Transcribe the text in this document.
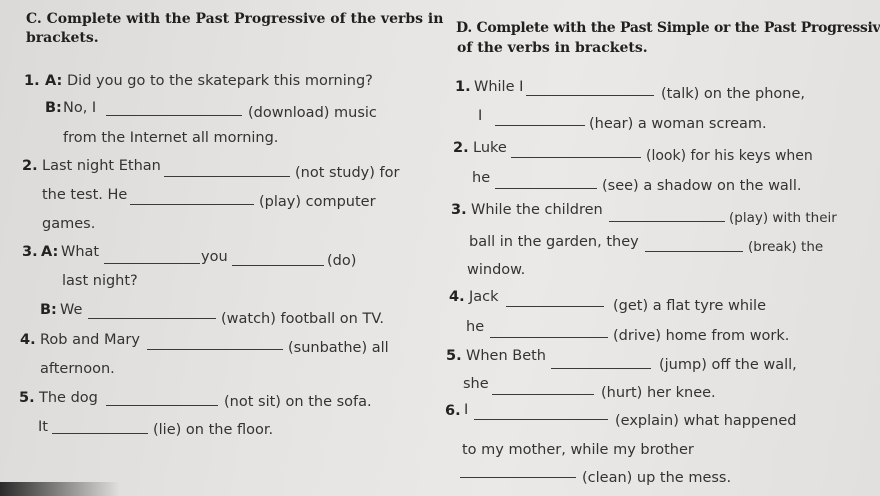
C. Complete with the Past Progressive of the verbs in
brackets.
1. A: Did you go to the skatepark this morning?
B: No, I	(download) music
from the Internet all morning.
2. Last night Ethan	(not study) for
the test. He	(play) computer
games.
3. A: What	you	(do)
last night?
B: We
(watch) football on TV.
4. Rob and Mary	(sunbathe) all
afternoon.
5. The dog	(not sit) on the sofa.
It	(lie) on the floor.
D. Complete with the Past Simple or the Past Progressiv
of the verbs in brackets.
1. While I	(talk) on the phone,
I	(hear) a woman scream.
2. Luke	(look) for his keys when
he	(see) a shadow on the wall.
3. While the children	(play) with their
ball in the garden, they	(break) the
window.
4. Jack
(get) a flat tyre while
he
(drive) home from work.
5. When Beth
(jump) off the wall,
she
(hurt) her knee.
6. I
(explain) what happened
to my mother, while my brother
(clean) up the mess.
